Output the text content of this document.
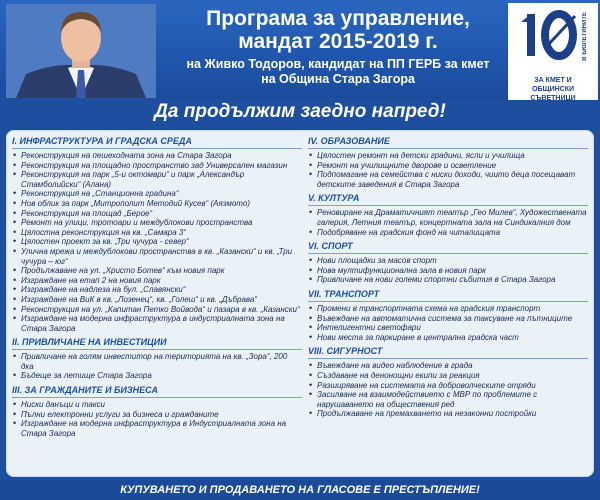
Програма за управление,
мандат 2015-2019 г.
на Живко Тодоров, кандидат на ПП ГЕРБ за кмет
на Община Стара Загора
В БЮЛЕТИНИТЕ
ЗА КМЕТ И
ОБЩИНСКИ СЪВЕТНИЦИ
Да продължим заедно напред!
I. ИНФРАСТРУКТУРА И ГРАДСКА СРЕДА
• Реконструкция на пешеходната зона на Стара Загора
• Реконструкция на площадно пространство зад Универсален магазин
• Реконструкция на парк „5-и октомври“ и парк „Александър Стамболийски“ (Алана)
• Реконструкция на „Станционна градина“
• Нов облик за парк „Митрополит Методий Кусев“ (Аязмото)
• Реконструкция на площад „Берое“
• Ремонт на улици, тротоари и междублокови пространства
• Цялостна реконструкция на кв. „Самара 3“
• Цялостен проект за кв. „Три чучура - север“
• Улична мрежа и междублокови пространства в кв. „Казански“ и кв. „Три чучура – юг“
• Продължаване на ул. „Христо Ботев“ към новия парк
• Изграждане на етап 2 на новия парк
• Изграждане на надлеза на бул. „Славянски“
• Изграждане на ВиК в кв. „Лозенец“, кв. „Голеш“ и кв. „Дъбрава“
• Реконструкция на ул. „Капитан Петко Войвода“ и пазара в кв. „Казански“
• Изграждане на модерна инфраструктура в индустриалната зона на Стара Загора
II. ПРИВЛИЧАНЕ НА ИНВЕСТИЦИИ
• Привличане на голям инвеститор на територията на кв. „Зора“, 200 дка
• Бъдеще за летище Стара Загора
III. ЗА ГРАЖДАНИТЕ И БИЗНЕСА
• Ниски данъци и такси
• Пълни електронни услуги за бизнеса и гражданите
• Изграждане на модерна инфраструктура в Индустриалната зона на Стара Загора
IV. ОБРАЗОВАНИЕ
• Цялостен ремонт на детски градини, ясли и училища
• Ремонт на училищните дворове и осветление
• Подпомагане на семейства с ниски доходи, чиито деца посещават детските заведения в Стара Загора
V. КУЛТУРА
• Реновиране на Драматичният театър „Гео Милев“, Художествената галерия, Летния театър, концертната зала на Синдикалния дом
• Подобряване на градския фонд на читалищата
VI. СПОРТ
• Нови площадки за масов спорт
• Нова мултифункционална зала в новия парк
• Привличане на нови големи спортни събития в Стара Загора
VII. ТРАНСПОРТ
• Промени в транспортната схема на градския транспорт
• Въвеждане на автоматична система за таксуване на пътниците
• Интелигентни светофари
• Нови места за паркиране в централна градска част
VIII. СИГУРНОСТ
• Въвеждане на видео наблюдение в града
• Създаване на денонощни екипи за реакция
• Разширяване на системата на доброволческите отряди
• Засилване на взаимодействието с МВР по проблемите с нарушаването на обществения ред
• Продължаване на премахването на незаконни постройки
КУПУВАНЕТО И ПРОДАВАНЕТО НА ГЛАСОВЕ Е ПРЕСТЪПЛЕНИЕ!
